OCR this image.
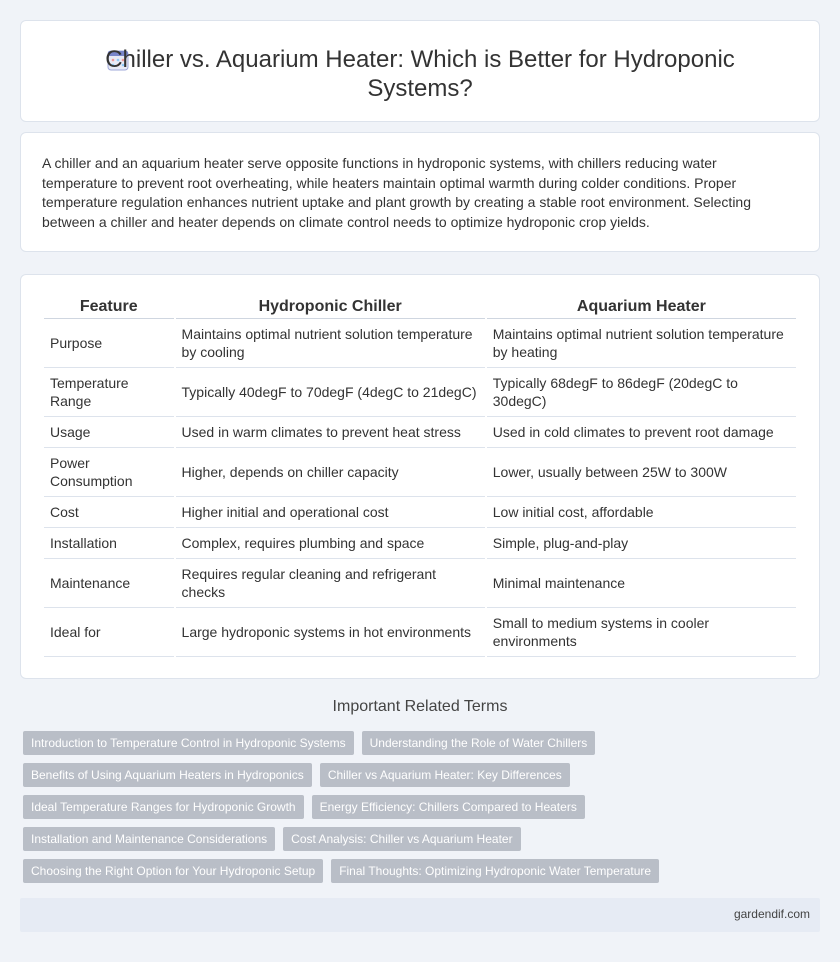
Chiller vs. Aquarium Heater: Which is Better for Hydroponic Systems?

A chiller and an aquarium heater serve opposite functions in hydroponic systems, with chillers reducing water temperature to prevent root overheating, while heaters maintain optimal warmth during colder conditions. Proper temperature regulation enhances nutrient uptake and plant growth by creating a stable root environment. Selecting between a chiller and heater depends on climate control needs to optimize hydroponic crop yields.

Feature	Hydroponic Chiller	Aquarium Heater
Purpose	Maintains optimal nutrient solution temperature by cooling	Maintains optimal nutrient solution temperature by heating
Temperature Range	Typically 40degF to 70degF (4degC to 21degC)	Typically 68degF to 86degF (20degC to 30degC)
Usage	Used in warm climates to prevent heat stress	Used in cold climates to prevent root damage
Power Consumption	Higher, depends on chiller capacity	Lower, usually between 25W to 300W
Cost	Higher initial and operational cost	Low initial cost, affordable
Installation	Complex, requires plumbing and space	Simple, plug-and-play
Maintenance	Requires regular cleaning and refrigerant checks	Minimal maintenance
Ideal for	Large hydroponic systems in hot environments	Small to medium systems in cooler environments
Important Related Terms
Introduction to Temperature Control in Hydroponic Systems Understanding the Role of Water Chillers
Benefits of Using Aquarium Heaters in Hydroponics Chiller vs Aquarium Heater: Key Differences
Ideal Temperature Ranges for Hydroponic Growth Energy Efficiency: Chillers Compared to Heaters
Installation and Maintenance Considerations Cost Analysis: Chiller vs Aquarium Heater
Choosing the Right Option for Your Hydroponic Setup Final Thoughts: Optimizing Hydroponic Water Temperature
gardendif.com
